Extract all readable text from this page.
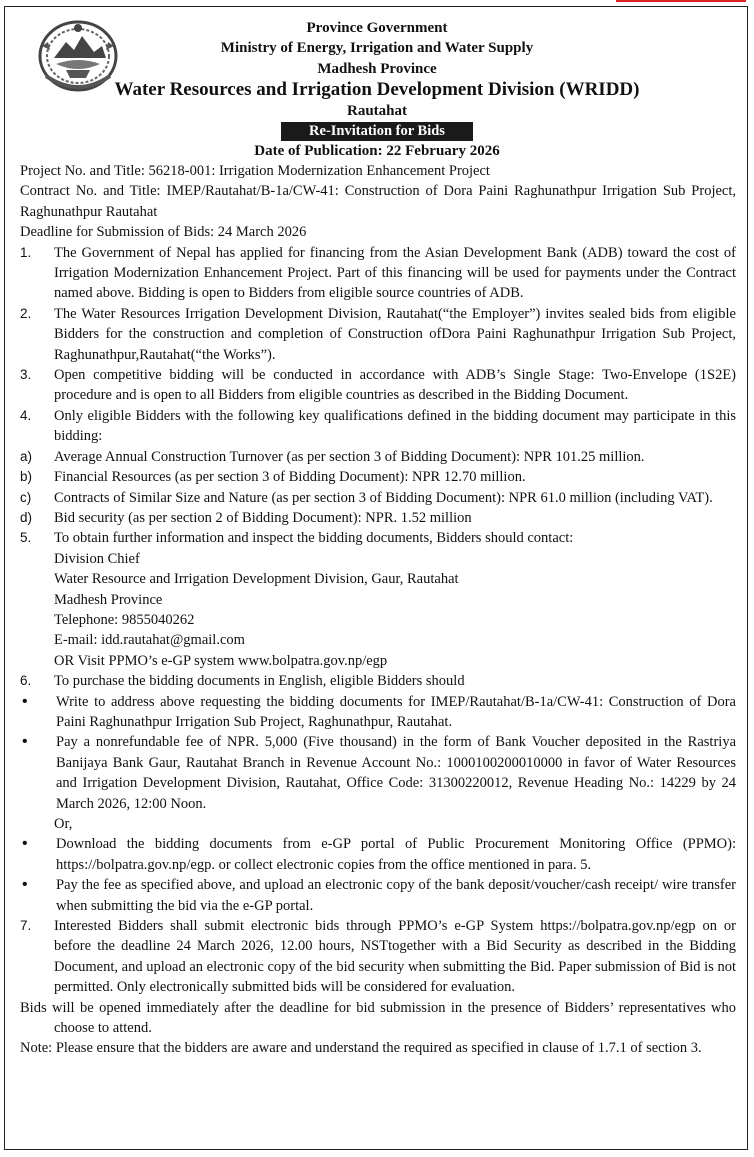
Province Government
Ministry of Energy, Irrigation and Water Supply
Madhesh Province
Water Resources and Irrigation Development Division (WRIDD)
Rautahat
Re-Invitation for Bids
Date of Publication: 22 February 2026

Project No. and Title: 56218-001: Irrigation Modernization Enhancement Project

Contract No. and Title: IMEP/Rautahat/B-1a/CW-41: Construction of Dora Paini Raghunathpur Irrigation Sub Project, Raghunathpur Rautahat

Deadline for Submission of Bids: 24 March 2026

1.	The Government of Nepal has applied for financing from the Asian Development Bank (ADB) toward the cost of Irrigation Modernization Enhancement Project. Part of this financing will be used for payments under the Contract named above. Bidding is open to Bidders from eligible source countries of ADB.
2.	The Water Resources Irrigation Development Division, Rautahat(“the Employer”) invites sealed bids from eligible Bidders for the construction and completion of Construction ofDora Paini Raghunathpur Irrigation Sub Project, Raghunathpur,Rautahat(“the Works”).
3.	Open competitive bidding will be conducted in accordance with ADB’s Single Stage: Two-Envelope (1S2E) procedure and is open to all Bidders from eligible countries as described in the Bidding Document.
4.	Only eligible Bidders with the following key qualifications defined in the bidding document may participate in this bidding:
a)	Average Annual Construction Turnover (as per section 3 of Bidding Document): NPR 101.25 million.
b)	Financial Resources (as per section 3 of Bidding Document): NPR 12.70 million.
c)	Contracts of Similar Size and Nature (as per section 3 of Bidding Document): NPR 61.0 million (including VAT).
d)	Bid security (as per section 2 of Bidding Document): NPR. 1.52 million
5.	To obtain further information and inspect the bidding documents, Bidders should contact:
Division Chief
Water Resource and Irrigation Development Division, Gaur, Rautahat
Madhesh Province
Telephone: 9855040262
E-mail: idd.rautahat@gmail.com
OR Visit PPMO’s e-GP system www.bolpatra.gov.np/egp
6.	To purchase the bidding documents in English, eligible Bidders should
•	Write to address above requesting the bidding documents for IMEP/Rautahat/B-1a/CW-41: Construction of Dora Paini Raghunathpur Irrigation Sub Project, Raghunathpur, Rautahat.
•	Pay a nonrefundable fee of NPR. 5,000 (Five thousand) in the form of Bank Voucher deposited in the Rastriya Banijaya Bank Gaur, Rautahat Branch in Revenue Account No.: 1000100200010000 in favor of Water Resources and Irrigation Development Division, Rautahat, Office Code: 31300220012, Revenue Heading No.: 14229 by 24 March 2026, 12:00 Noon.
Or,
•	Download the bidding documents from e-GP portal of Public Procurement Monitoring Office (PPMO): https://bolpatra.gov.np/egp. or collect electronic copies from the office mentioned in para. 5.
•	Pay the fee as specified above, and upload an electronic copy of the bank deposit/voucher/cash receipt/ wire transfer when submitting the bid via the e-GP portal.
7.	Interested Bidders shall submit electronic bids through PPMO’s e-GP System https://bolpatra.gov.np/egp on or before the deadline 24 March 2026, 12.00 hours, NSTtogether with a Bid Security as described in the Bidding Document, and upload an electronic copy of the bid security when submitting the Bid. Paper submission of Bid is not permitted. Only electronically submitted bids will be considered for evaluation.

Bids will be opened immediately after the deadline for bid submission in the presence of Bidders’ representatives who choose to attend.

Note: Please ensure that the bidders are aware and understand the required as specified in clause of 1.7.1 of section 3.
